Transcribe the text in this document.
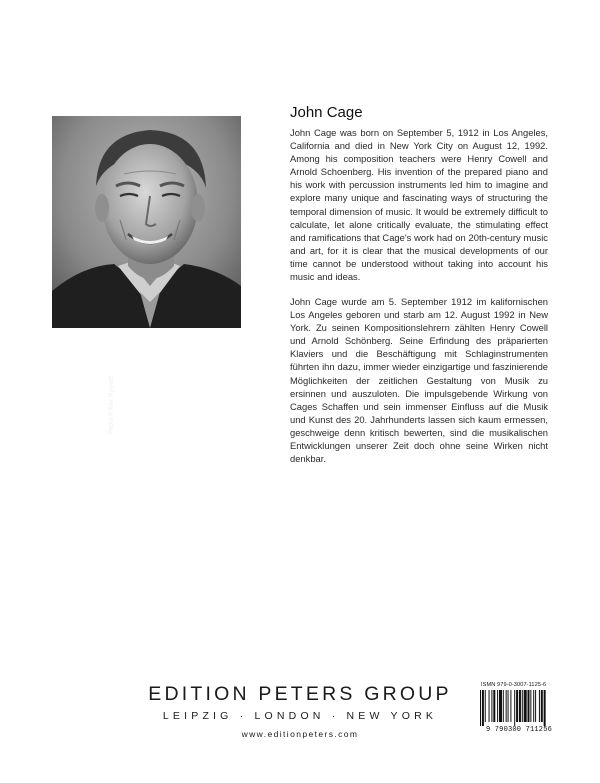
Photo © Rex Rystedt
John Cage

John Cage was born on September 5, 1912 in Los Angeles, California and died in New York City on August 12, 1992. Among his composition teachers were Henry Cowell and Arnold Schoenberg. His invention of the prepared piano and his work with percussion instruments led him to imagine and explore many unique and fascinating ways of structuring the temporal dimension of music. It would be extremely difficult to calculate, let alone critically evaluate, the stimulating effect and ramifications that Cage's work had on 20th-century music and art, for it is clear that the musical developments of our time cannot be understood without taking into account his music and ideas.

John Cage wurde am 5. September 1912 im kalifornischen Los Angeles geboren und starb am 12. August 1992 in New York. Zu seinen Kompositionslehrern zählten Henry Cowell und Arnold Schönberg. Seine Erfindung des präparierten Klaviers und die Beschäftigung mit Schlaginstrumenten führten ihn dazu, immer wieder einzigartige und faszinierende Möglichkeiten der zeitlichen Gestaltung von Musik zu ersinnen und auszuloten. Die impulsgebende Wirkung von Cages Schaffen und sein immenser Einfluss auf die Musik und Kunst des 20. Jahrhunderts lassen sich kaum ermessen, geschweige denn kritisch bewerten, sind die musikalischen Entwicklungen unserer Zeit doch ohne seine Wirken nicht denkbar.

EDITION PETERS GROUP
LEIPZIG · LONDON · NEW YORK
www.editionpeters.com
ISMN 979-0-3007-1125-6
9 790300 711256
